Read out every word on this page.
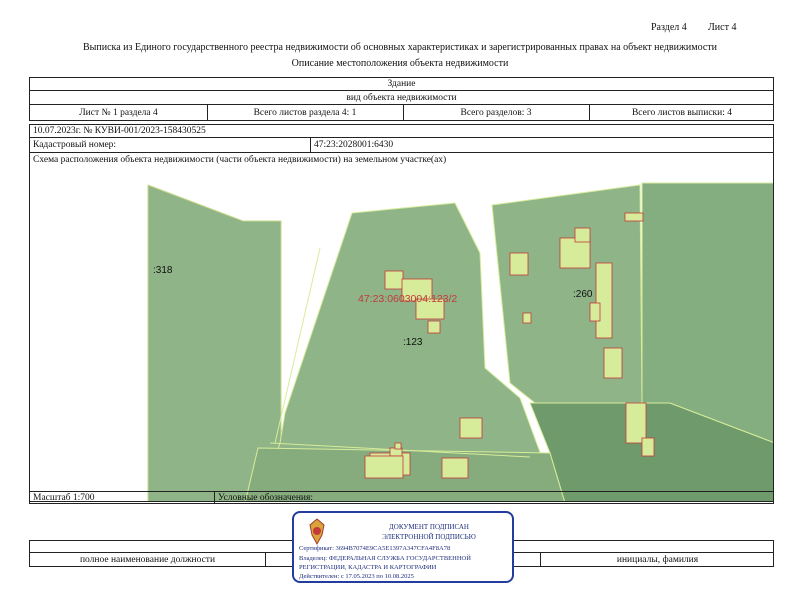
Раздел 4 Лист 4
Выписка из Единого государственного реестра недвижимости об основных характеристиках и зарегистрированных правах на объект недвижимости
Описание местоположения объекта недвижимости
Здание
вид объекта недвижимости
Лист № 1 раздела 4	Всего листов раздела 4: 1	Всего разделов: 3	Всего листов выписки: 4
10.07.2023г. № КУВИ-001/2023-158430525
Кадастровый номер:	47:23:2028001:6430
Схема расположения объекта недвижимости (части объекта недвижимости) на земельном участке(ах)
:318
:123
:260
47:23:0603004:123/2
Масштаб 1:700	Условные обозначения:
полное наименование должности	инициалы, фамилия
ДОКУМЕНТ ПОДПИСАН
ЭЛЕКТРОННОЙ ПОДПИСЬЮ
Сертификат: 3694B7074E9CA5E1397A347CFA4F8A78
Владелец: ФЕДЕРАЛЬНАЯ СЛУЖБА ГОСУДАРСТВЕННОЙ
РЕГИСТРАЦИИ, КАДАСТРА И КАРТОГРАФИИ
Действителен: с 17.05.2023 по 10.08.2025
